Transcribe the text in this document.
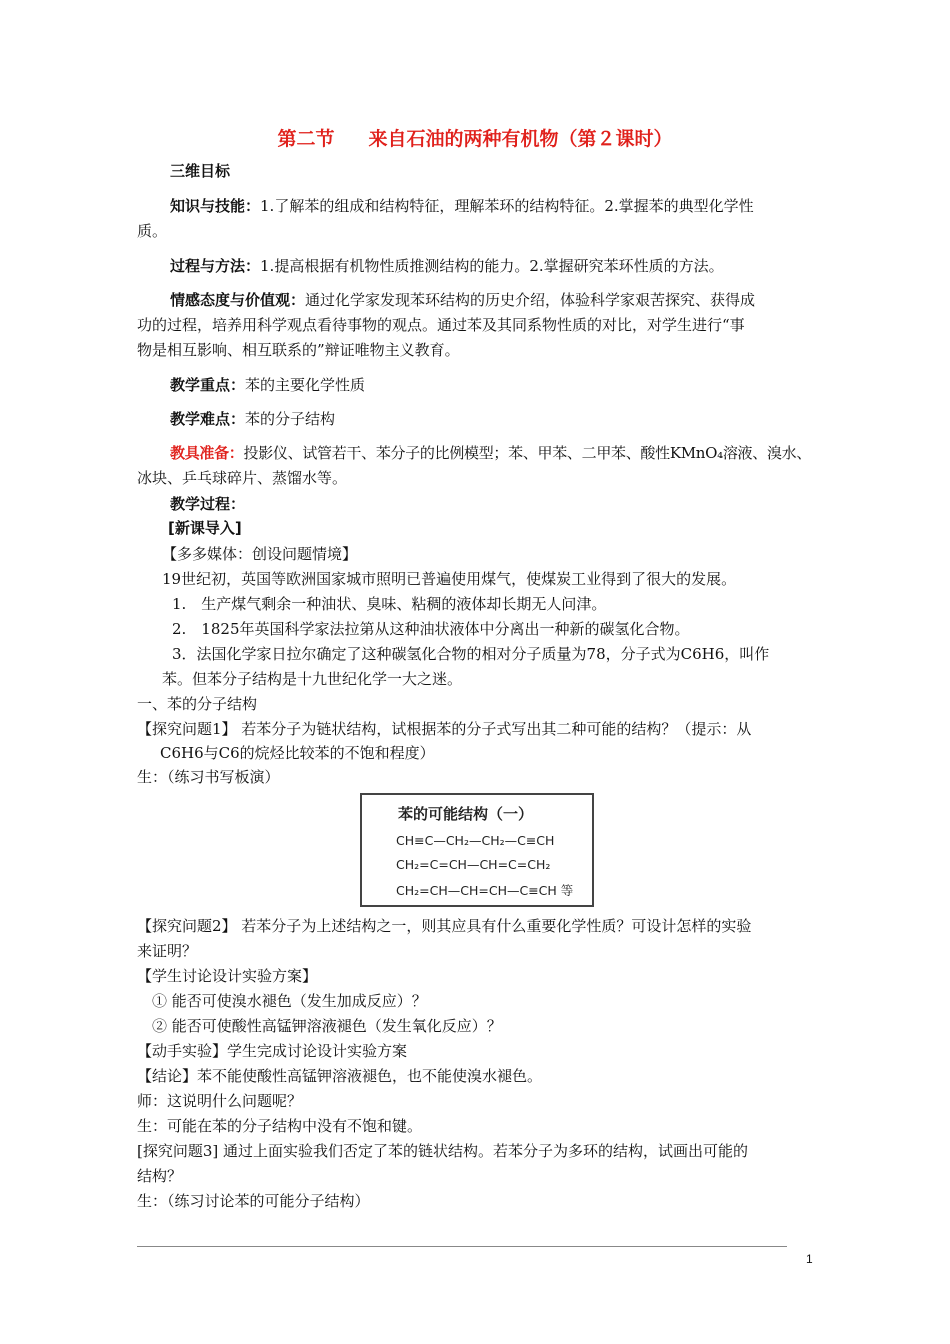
第二节 来自石油的两种有机物（第２课时）
三维目标
知识与技能：1.了解苯的组成和结构特征，理解苯环的结构特征。2.掌握苯的典型化学性
质。
过程与方法：1.提高根据有机物性质推测结构的能力。2.掌握研究苯环性质的方法。
情感态度与价值观：通过化学家发现苯环结构的历史介绍，体验科学家艰苦探究、获得成
功的过程，培养用科学观点看待事物的观点。通过苯及其同系物性质的对比，对学生进行“事
物是相互影响、相互联系的”辩证唯物主义教育。
教学重点：苯的主要化学性质
教学难点：苯的分子结构
教具准备：投影仪、试管若干、苯分子的比例模型；苯、甲苯、二甲苯、酸性KMnO₄溶液、溴水、
冰块、乒乓球碎片、蒸馏水等。
教学过程：
[新课导入]
【多多媒体：创设问题情境】
19世纪初，英国等欧洲国家城市照明已普遍使用煤气，使煤炭工业得到了很大的发展。
1.　生产煤气剩余一种油状、臭味、粘稠的液体却长期无人问津。
2.　1825年英国科学家法拉第从这种油状液体中分离出一种新的碳氢化合物。
3．法国化学家日拉尔确定了这种碳氢化合物的相对分子质量为78，分子式为C6H6，叫作
苯。但苯分子结构是十九世纪化学一大之迷。
一、苯的分子结构
【探究问题1】 若苯分子为链状结构，试根据苯的分子式写出其二种可能的结构？（提示：从
C6H6与C6的烷烃比较苯的不饱和程度）
生：（练习书写板演）
苯的可能结构（一）
CH≡C—CH₂—CH₂—C≡CH
CH₂=C=CH—CH=C=CH₂
CH₂=CH—CH=CH—C≡CH 等
【探究问题2】 若苯分子为上述结构之一，则其应具有什么重要化学性质？可设计怎样的实验
来证明？
【学生讨论设计实验方案】
① 能否可使溴水褪色（发生加成反应）？
② 能否可使酸性高锰钾溶液褪色（发生氧化反应）？
【动手实验】学生完成讨论设计实验方案
【结论】苯不能使酸性高锰钾溶液褪色，也不能使溴水褪色。
师：这说明什么问题呢？
生：可能在苯的分子结构中没有不饱和键。
[探究问题3] 通过上面实验我们否定了苯的链状结构。若苯分子为多环的结构，试画出可能的
结构？
生：（练习讨论苯的可能分子结构）
1
